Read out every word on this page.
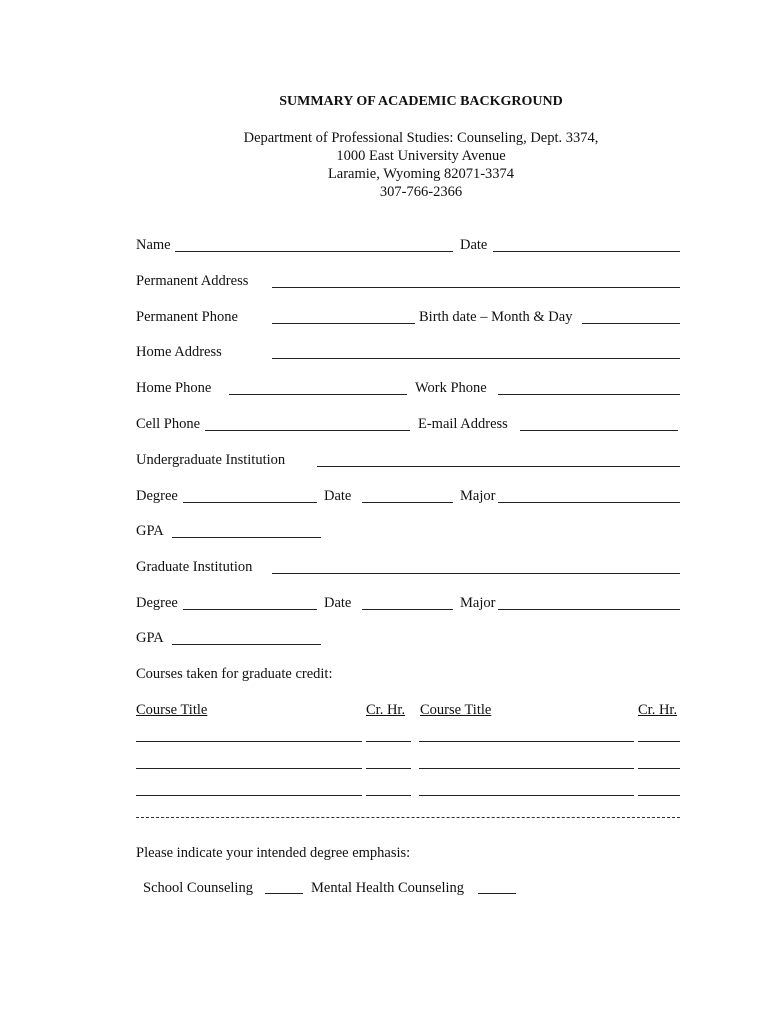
SUMMARY OF ACADEMIC BACKGROUND
Department of Professional Studies: Counseling, Dept. 3374,
1000 East University Avenue
Laramie, Wyoming 82071-3374
307-766-2366
Name	Date
Permanent Address
Permanent Phone	Birth date – Month & Day
Home Address
Home Phone	Work Phone
Cell Phone	E-mail Address
Undergraduate Institution
Degree	Date	Major
GPA
Graduate Institution
Degree	Date	Major
GPA
Courses taken for graduate credit:
Course Title	Cr. Hr. Course Title	Cr. Hr.
Please indicate your intended degree emphasis:
School Counseling	Mental Health Counseling
